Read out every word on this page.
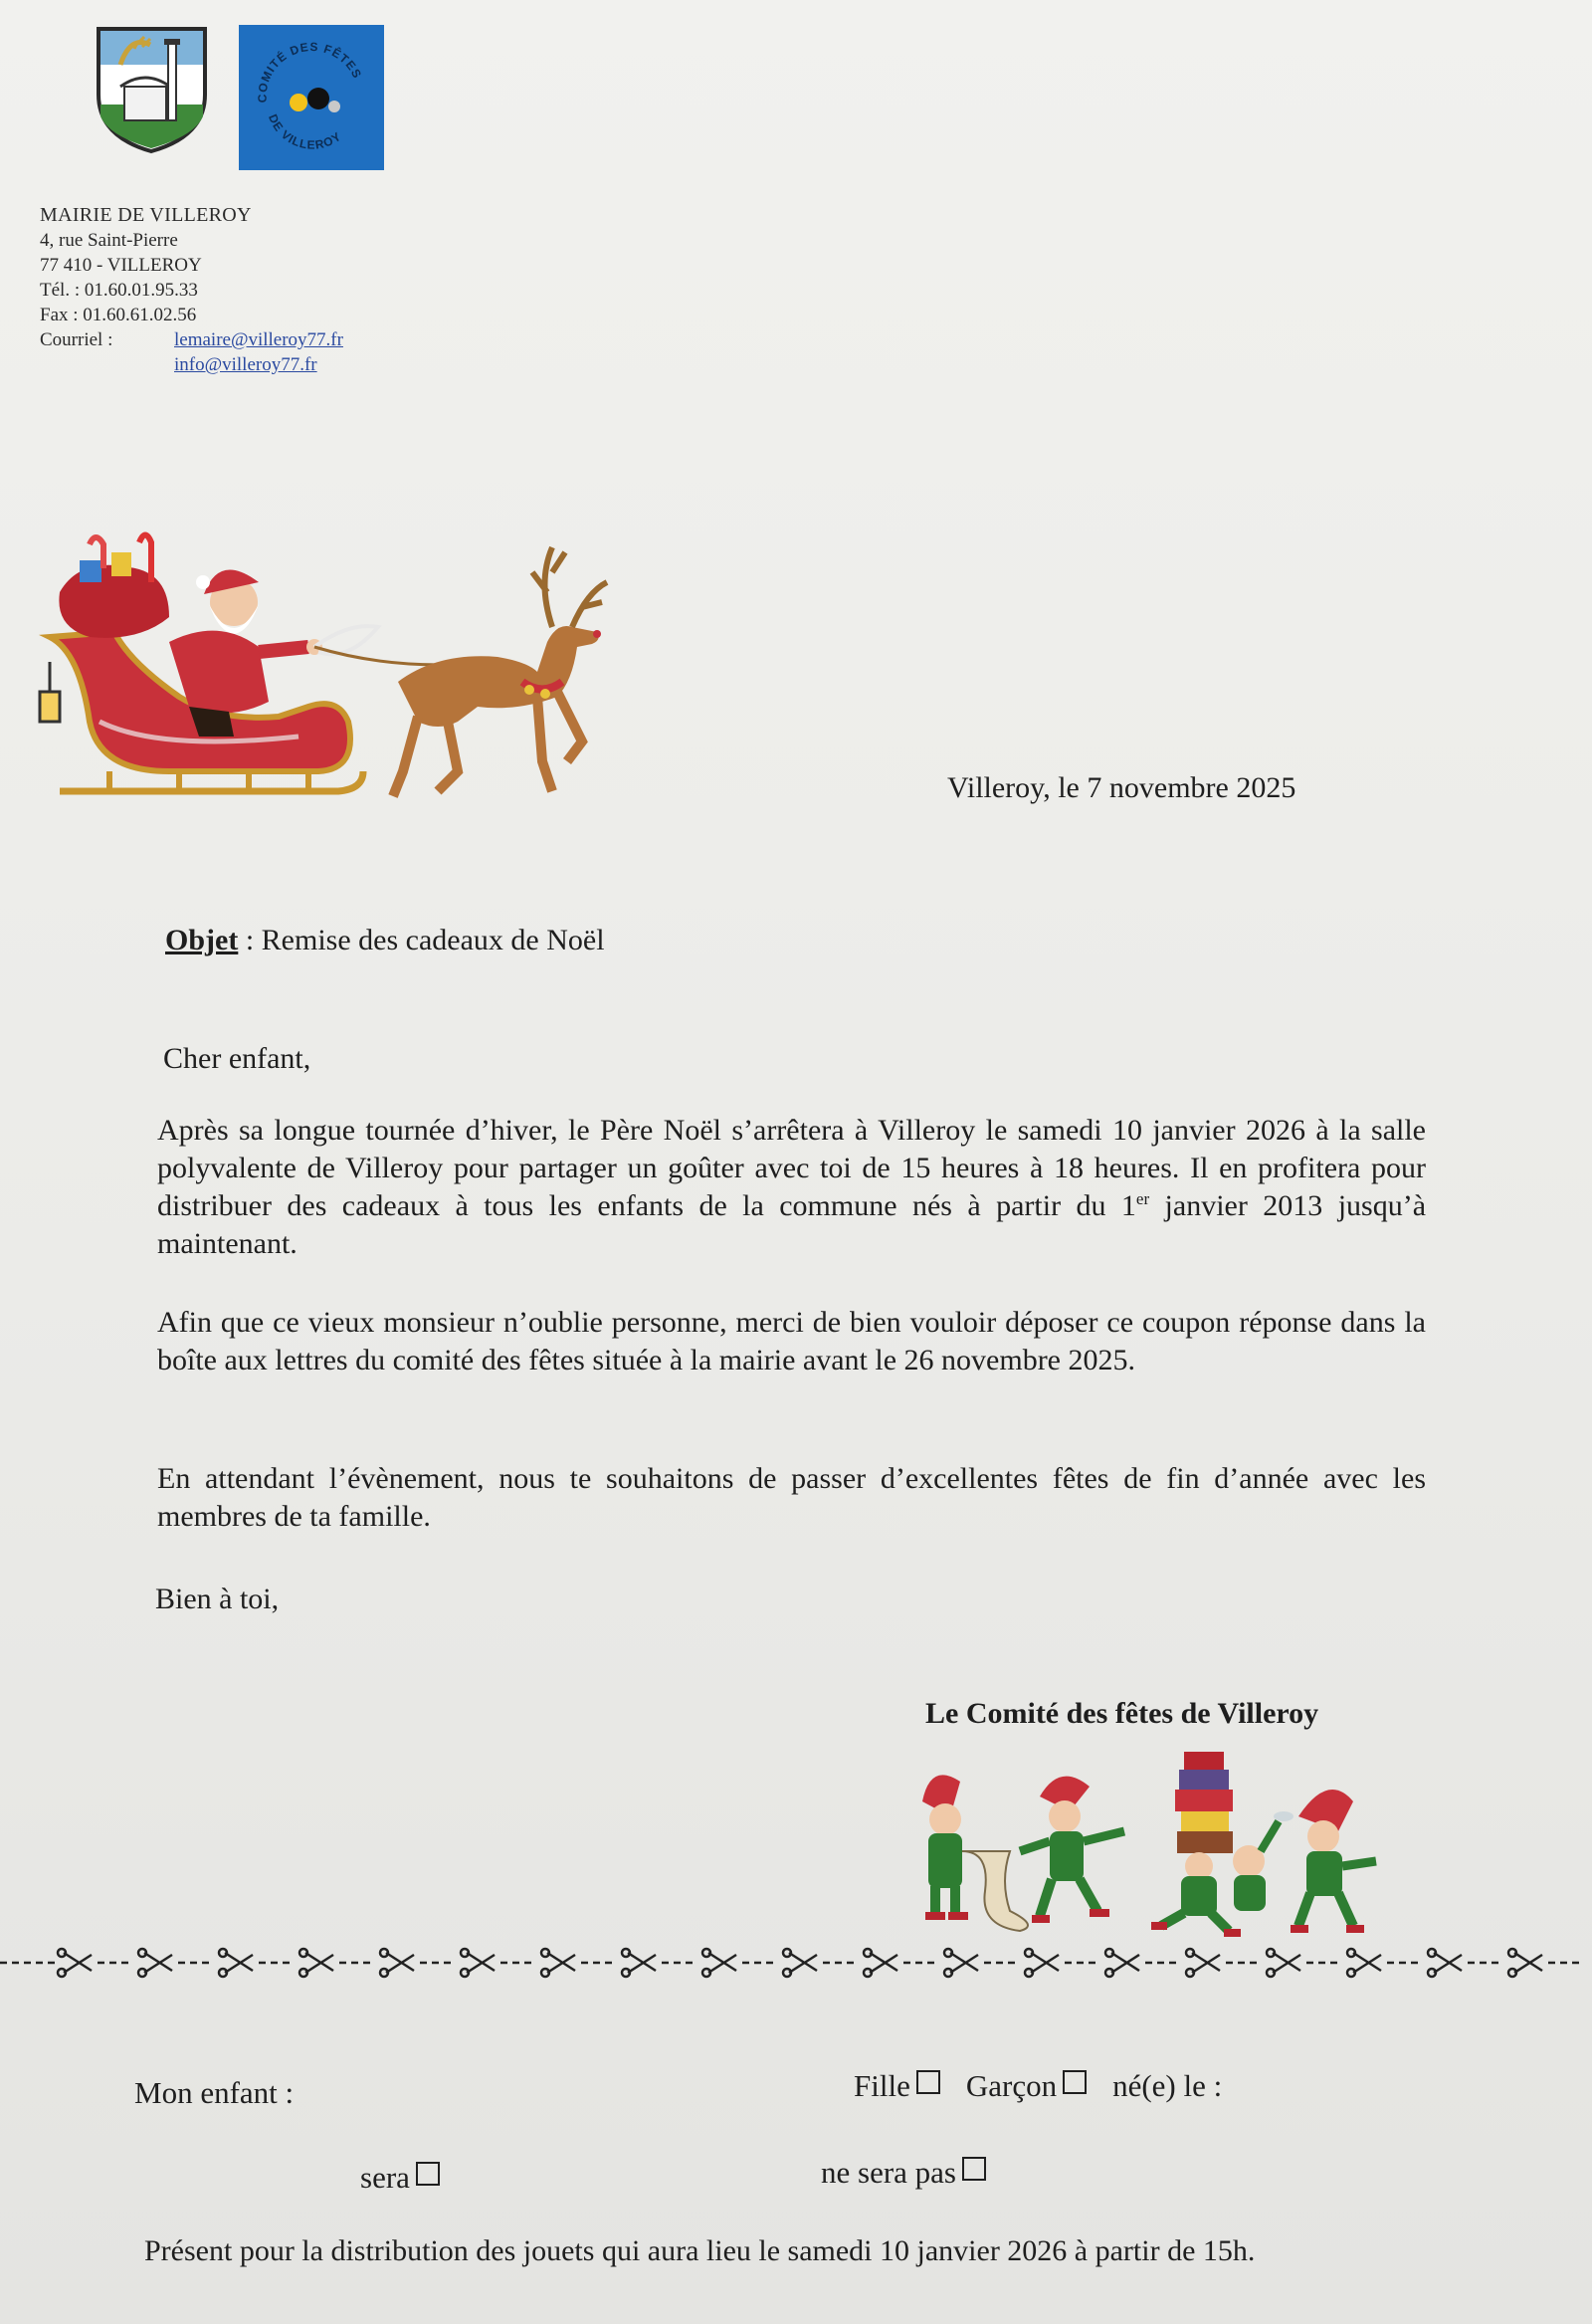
COMITÉ DES FÊTES
DE VILLEROY
MAIRIE DE VILLEROY
4, rue Saint-Pierre
77 410 - VILLEROY
Tél. : 01.60.01.95.33
Fax : 01.60.61.02.56
Courriel :	lemaire@villeroy77.fr
info@villeroy77.fr
Villeroy, le 7 novembre 2025
Objet : Remise des cadeaux de Noël
Cher enfant,
Après sa longue tournée d’hiver, le Père Noël s’arrêtera à Villeroy le samedi 10 janvier 2026 à la salle polyvalente de Villeroy pour partager un goûter avec toi de 15 heures à 18 heures. Il en profitera pour distribuer des cadeaux à tous les enfants de la commune nés à partir du 1er janvier 2013 jusqu’à maintenant.
Afin que ce vieux monsieur n’oublie personne, merci de bien vouloir déposer ce coupon réponse dans la boîte aux lettres du comité des fêtes située à la mairie avant le 26 novembre 2025.
En attendant l’évènement, nous te souhaitons de passer d’excellentes fêtes de fin d’année avec les membres de ta famille.
Bien à toi,
Le Comité des fêtes de Villeroy
Mon enfant :	Fille Garçon né(e) le :
sera	ne sera pas
Présent pour la distribution des jouets qui aura lieu le samedi 10 janvier 2026 à partir de 15h.
